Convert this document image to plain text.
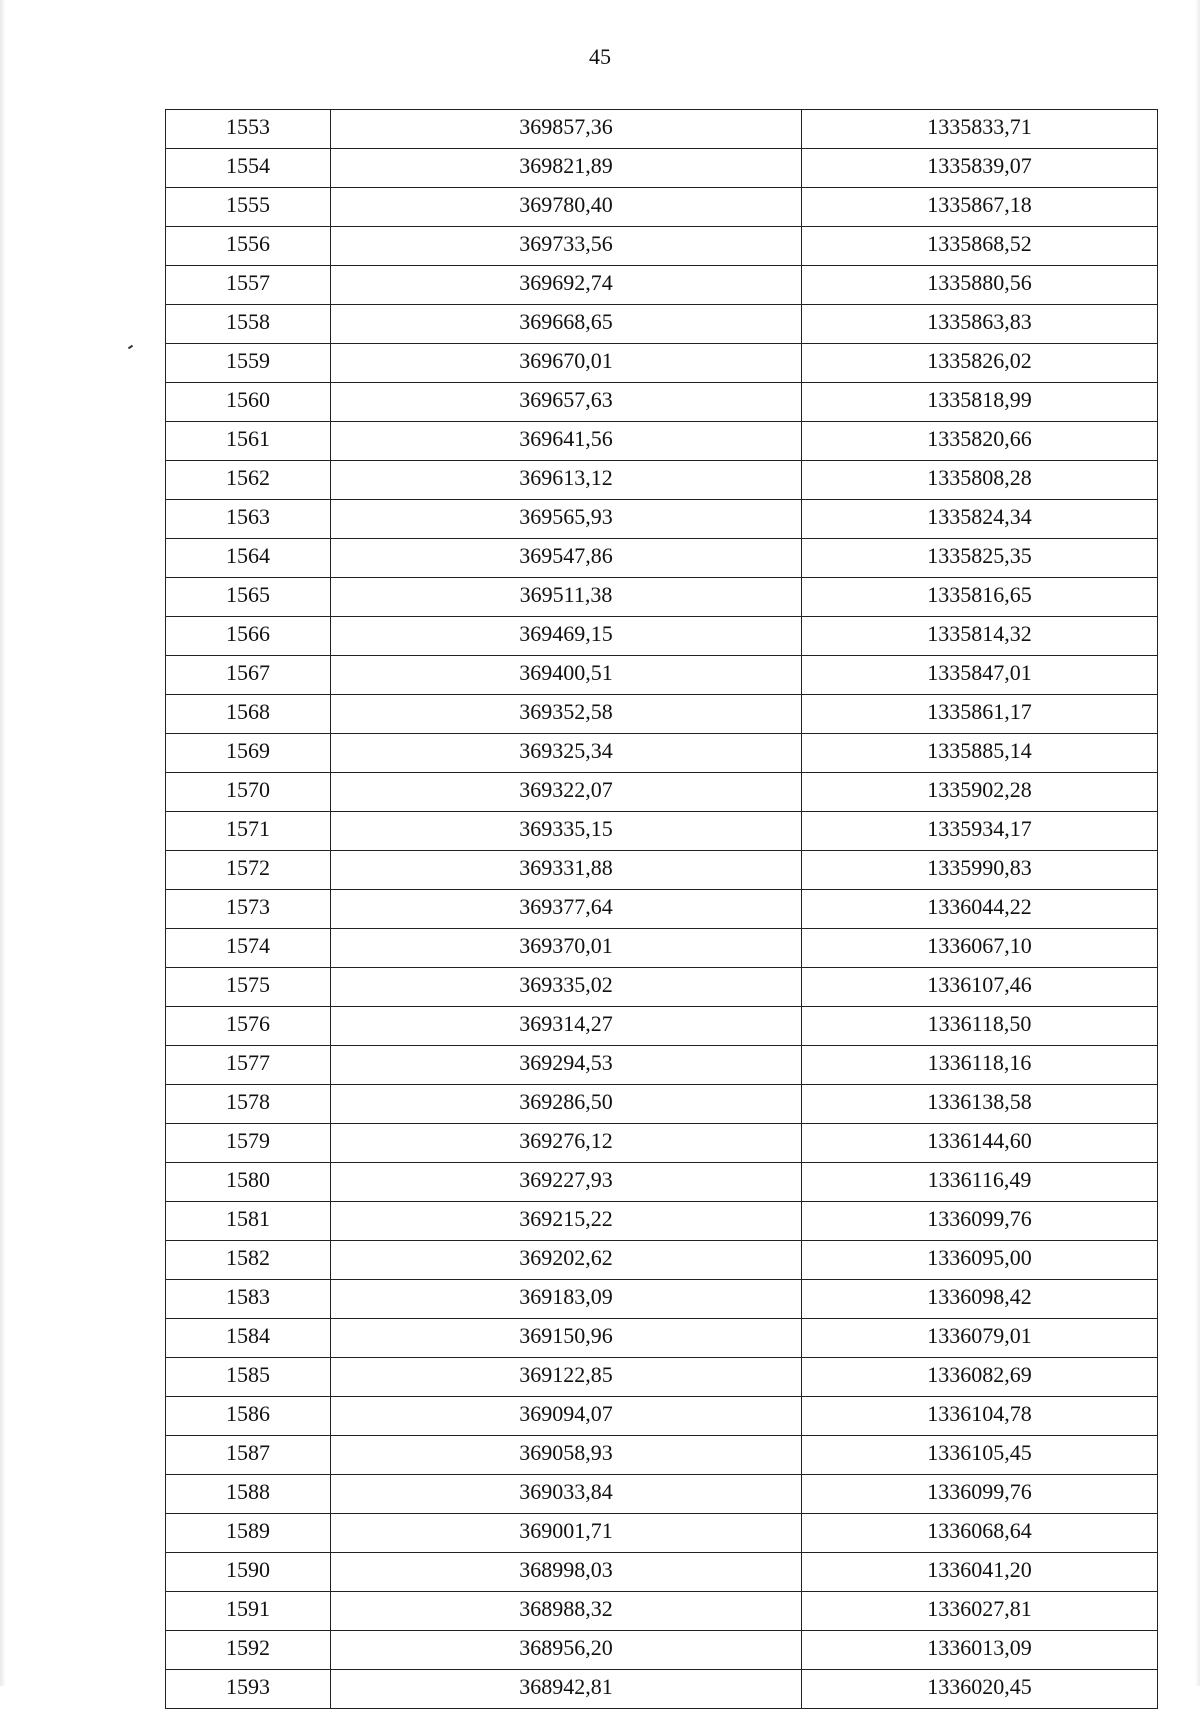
45
1553	369857,36	1335833,71
1554	369821,89	1335839,07
1555	369780,40	1335867,18
1556	369733,56	1335868,52
1557	369692,74	1335880,56
1558	369668,65	1335863,83
1559	369670,01	1335826,02
1560	369657,63	1335818,99
1561	369641,56	1335820,66
1562	369613,12	1335808,28
1563	369565,93	1335824,34
1564	369547,86	1335825,35
1565	369511,38	1335816,65
1566	369469,15	1335814,32
1567	369400,51	1335847,01
1568	369352,58	1335861,17
1569	369325,34	1335885,14
1570	369322,07	1335902,28
1571	369335,15	1335934,17
1572	369331,88	1335990,83
1573	369377,64	1336044,22
1574	369370,01	1336067,10
1575	369335,02	1336107,46
1576	369314,27	1336118,50
1577	369294,53	1336118,16
1578	369286,50	1336138,58
1579	369276,12	1336144,60
1580	369227,93	1336116,49
1581	369215,22	1336099,76
1582	369202,62	1336095,00
1583	369183,09	1336098,42
1584	369150,96	1336079,01
1585	369122,85	1336082,69
1586	369094,07	1336104,78
1587	369058,93	1336105,45
1588	369033,84	1336099,76
1589	369001,71	1336068,64
1590	368998,03	1336041,20
1591	368988,32	1336027,81
1592	368956,20	1336013,09
1593	368942,81	1336020,45
